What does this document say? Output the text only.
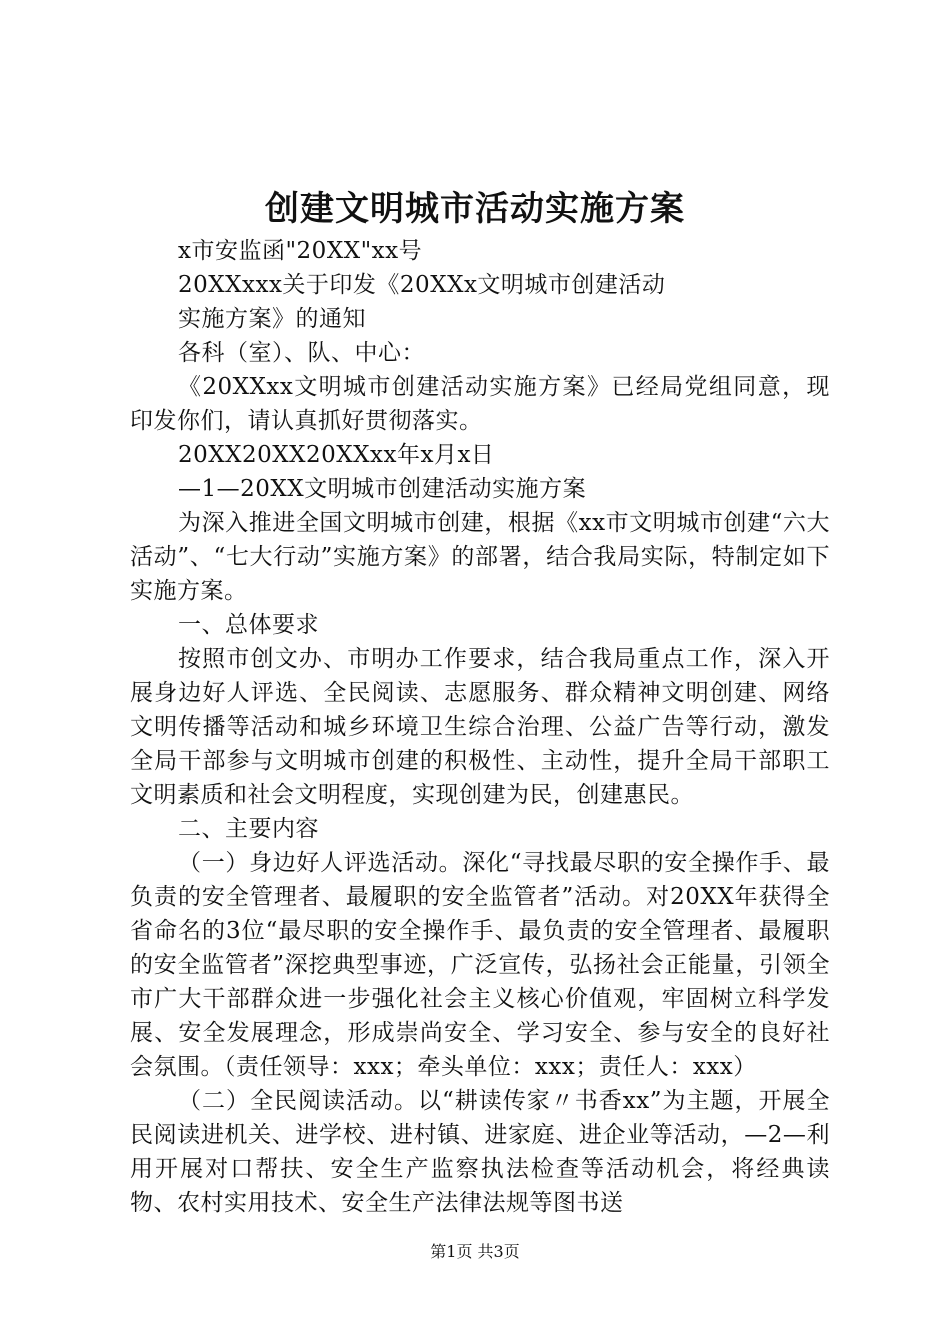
创建文明城市活动实施方案

x市安监函"20XX"xx号

20XXxxx关于印发《20XXx文明城市创建活动

实施方案》的通知

各科（室）、队、中心：

《20XXxx文明城市创建活动实施方案》已经局党组同意，现印发你们，请认真抓好贯彻落实。

20XX20XX20XXxx年x月x日

—1—20XX文明城市创建活动实施方案

为深入推进全国文明城市创建，根据《xx市文明城市创建“六大活动”、“七大行动”实施方案》的部署，结合我局实际，特制定如下实施方案。

一、总体要求

按照市创文办、市明办工作要求，结合我局重点工作，深入开展身边好人评选、全民阅读、志愿服务、群众精神文明创建、网络文明传播等活动和城乡环境卫生综合治理、公益广告等行动，激发全局干部参与文明城市创建的积极性、主动性，提升全局干部职工文明素质和社会文明程度，实现创建为民，创建惠民。

二、主要内容

（一）身边好人评选活动。深化“寻找最尽职的安全操作手、最负责的安全管理者、最履职的安全监管者”活动。对20XX年获得全省命名的3位“最尽职的安全操作手、最负责的安全管理者、最履职的安全监管者”深挖典型事迹，广泛宣传，弘扬社会正能量，引领全市广大干部群众进一步强化社会主义核心价值观，牢固树立科学发展、安全发展理念，形成崇尚安全、学习安全、参与安全的良好社会氛围。（责任领导：xxx；牵头单位：xxx；责任人：xxx）

（二）全民阅读活动。以“耕读传家〃书香xx”为主题，开展全民阅读进机关、进学校、进村镇、进家庭、进企业等活动，—2—利用开展对口帮扶、安全生产监察执法检查等活动机会，将经典读物、农村实用技术、安全生产法律法规等图书送

第1页 共3页
